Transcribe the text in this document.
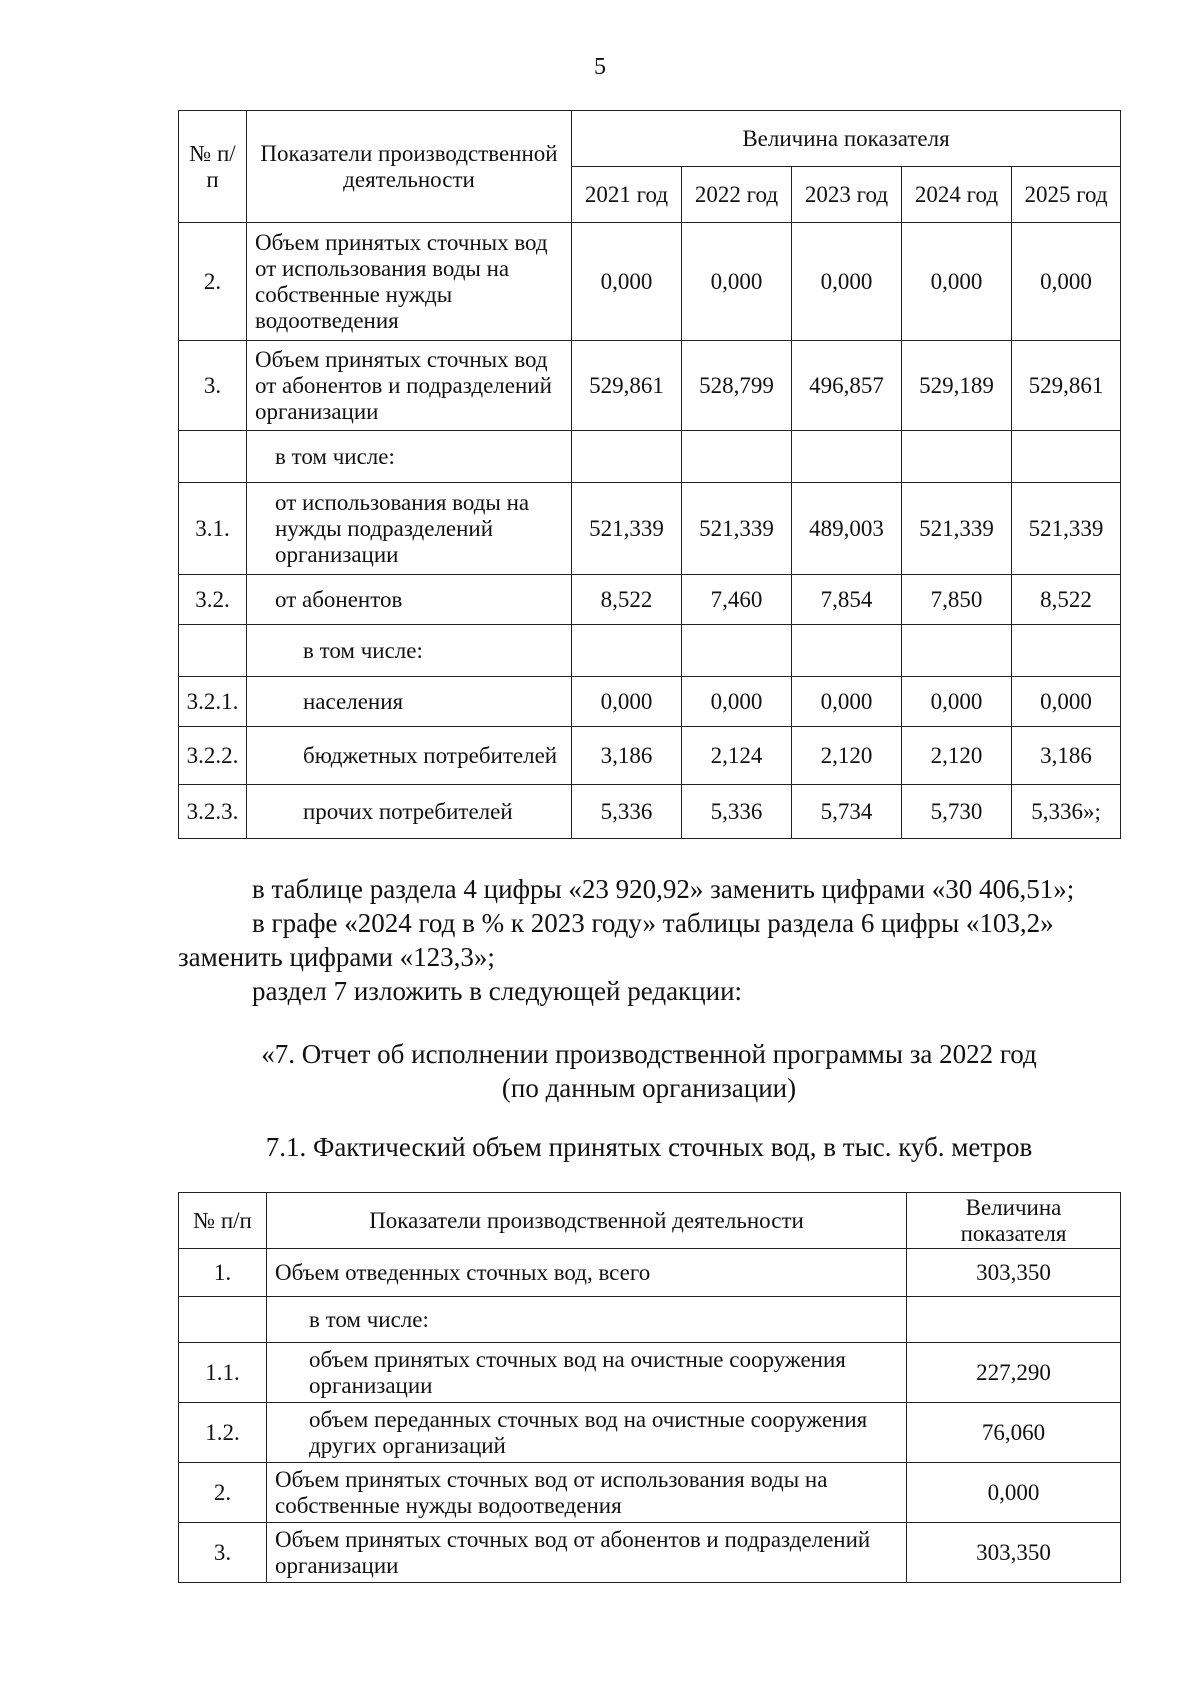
5
№ п/п	Показатели производственной деятельности	Величина показателя				
		2021 год	2022 год	2023 год	2024 год	2025 год
2.	Объем принятых сточных вод от использования воды на собственные нужды водоотведения	0,000	0,000	0,000	0,000	0,000
3.	Объем принятых сточных вод от абонентов и подразделений организации	529,861	528,799	496,857	529,189	529,861
	в том числе:					
3.1.	от использования воды на нужды подразделений организации	521,339	521,339	489,003	521,339	521,339
3.2.	от абонентов	8,522	7,460	7,854	7,850	8,522
	в том числе:					
3.2.1.	населения	0,000	0,000	0,000	0,000	0,000
3.2.2.	бюджетных потребителей	3,186	2,124	2,120	2,120	3,186
3.2.3.	прочих потребителей	5,336	5,336	5,734	5,730	5,336»;
в таблице раздела 4 цифры «23 920,92» заменить цифрами «30 406,51»;
в графе «2024 год в % к 2023 году» таблицы раздела 6 цифры «103,2» заменить цифрами «123,3»;
раздел 7 изложить в следующей редакции:
«7. Отчет об исполнении производственной программы за 2022 год
(по данным организации)
7.1. Фактический объем принятых сточных вод, в тыс. куб. метров
№ п/п	Показатели производственной деятельности	Величина показателя
1.	Объем отведенных сточных вод, всего	303,350
	в том числе:	
1.1.	объем принятых сточных вод на очистные сооружения организации	227,290
1.2.	объем переданных сточных вод на очистные сооружения других организаций	76,060
2.	Объем принятых сточных вод от использования воды на собственные нужды водоотведения	0,000
3.	Объем принятых сточных вод от абонентов и подразделений организации	303,350
